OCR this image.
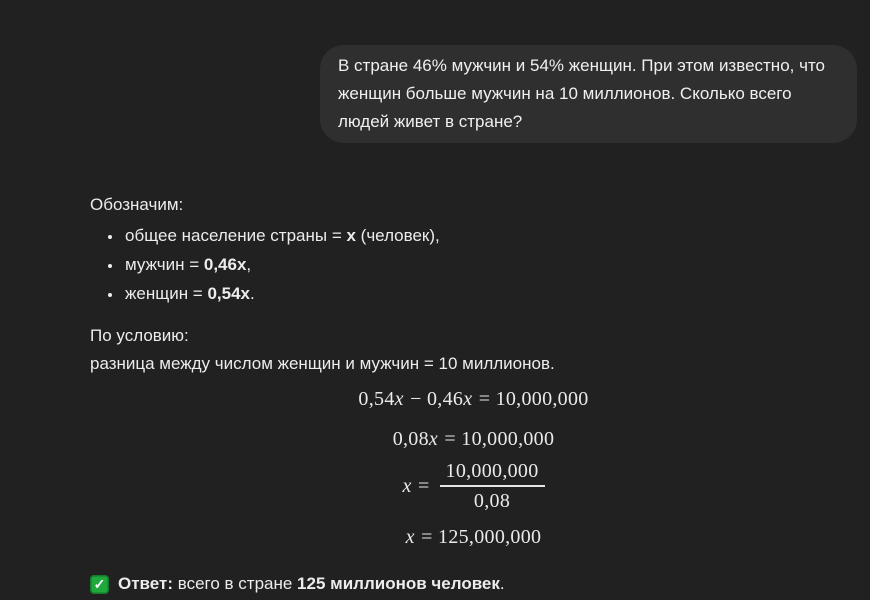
В стране 46% мужчин и 54% женщин. При этом известно, что женщин больше мужчин на 10 миллионов. Сколько всего людей живет в стране?

Обозначим:

• общее население страны = x (человек),
• мужчин = 0,46x,
• женщин = 0,54x.

По условию:

разница между числом женщин и мужчин = 10 миллионов.

0,54x − 0,46x = 10,000,000
0,08x = 10,000,000
$x = \frac{10,000,000}{0,08}$
x = 125,000,000
✓ Ответ: всего в стране 125 миллионов человек.
